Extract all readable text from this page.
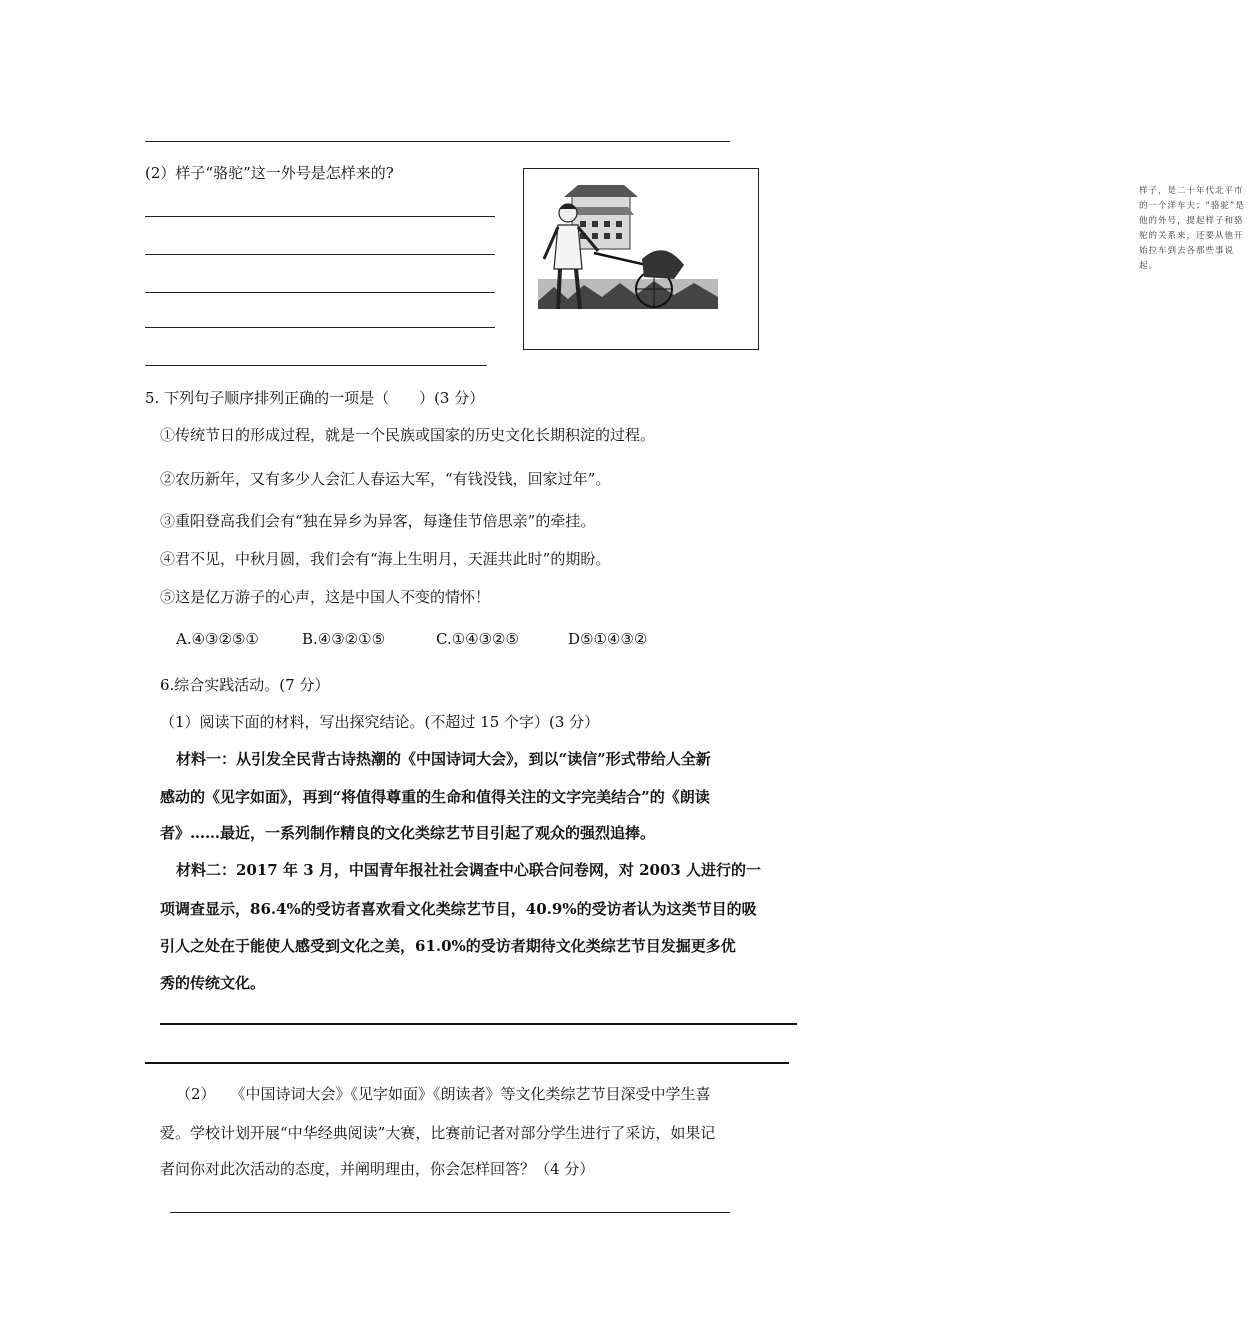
(2）样子“骆驼”这一外号是怎样来的?
样子，是二十年代北平市的一个洋车夫；“骆驼”是他的外号，提起样子和骆驼的关系来，还要从他开始拉车到去各那些事说起。
5. 下列句子顺序排列正确的一项是（　　）(3 分）
①传统节日的形成过程，就是一个民族或国家的历史文化长期积淀的过程。
②农历新年，又有多少人会汇人春运大军，“有钱没钱，回家过年”。
③重阳登高我们会有“独在异乡为异客，每逢佳节倍思亲”的牵挂。
④君不见，中秋月圆，我们会有“海上生明月，天涯共此时”的期盼。
⑤这是亿万游子的心声，这是中国人不变的情怀！
A.④③②⑤①	B.④③②①⑤	C.①④③②⑤	D⑤①④③②
6.综合实践活动。(7 分）
（1）阅读下面的材料，写出探究结论。(不超过 15 个字）(3 分）
材料一：从引发全民背古诗热潮的《中国诗词大会》，到以“读信”形式带给人全新
感动的《见字如面》，再到“将值得尊重的生命和值得关注的文字完美结合”的《朗读
者》……最近，一系列制作精良的文化类综艺节目引起了观众的强烈追捧。
材料二：2017 年 3 月，中国青年报社社会调查中心联合问卷网，对 2003 人进行的一
项调查显示，86.4%的受访者喜欢看文化类综艺节目，40.9%的受访者认为这类节目的吸
引人之处在于能使人感受到文化之美，61.0%的受访者期待文化类综艺节目发掘更多优
秀的传统文化。
（2）　　《中国诗词大会》《见字如面》《朗读者》等文化类综艺节目深受中学生喜
爱。学校计划开展“中华经典阅读”大赛，比赛前记者对部分学生进行了采访，如果记
者问你对此次活动的态度，并阐明理由，你会怎样回答？（4 分）
